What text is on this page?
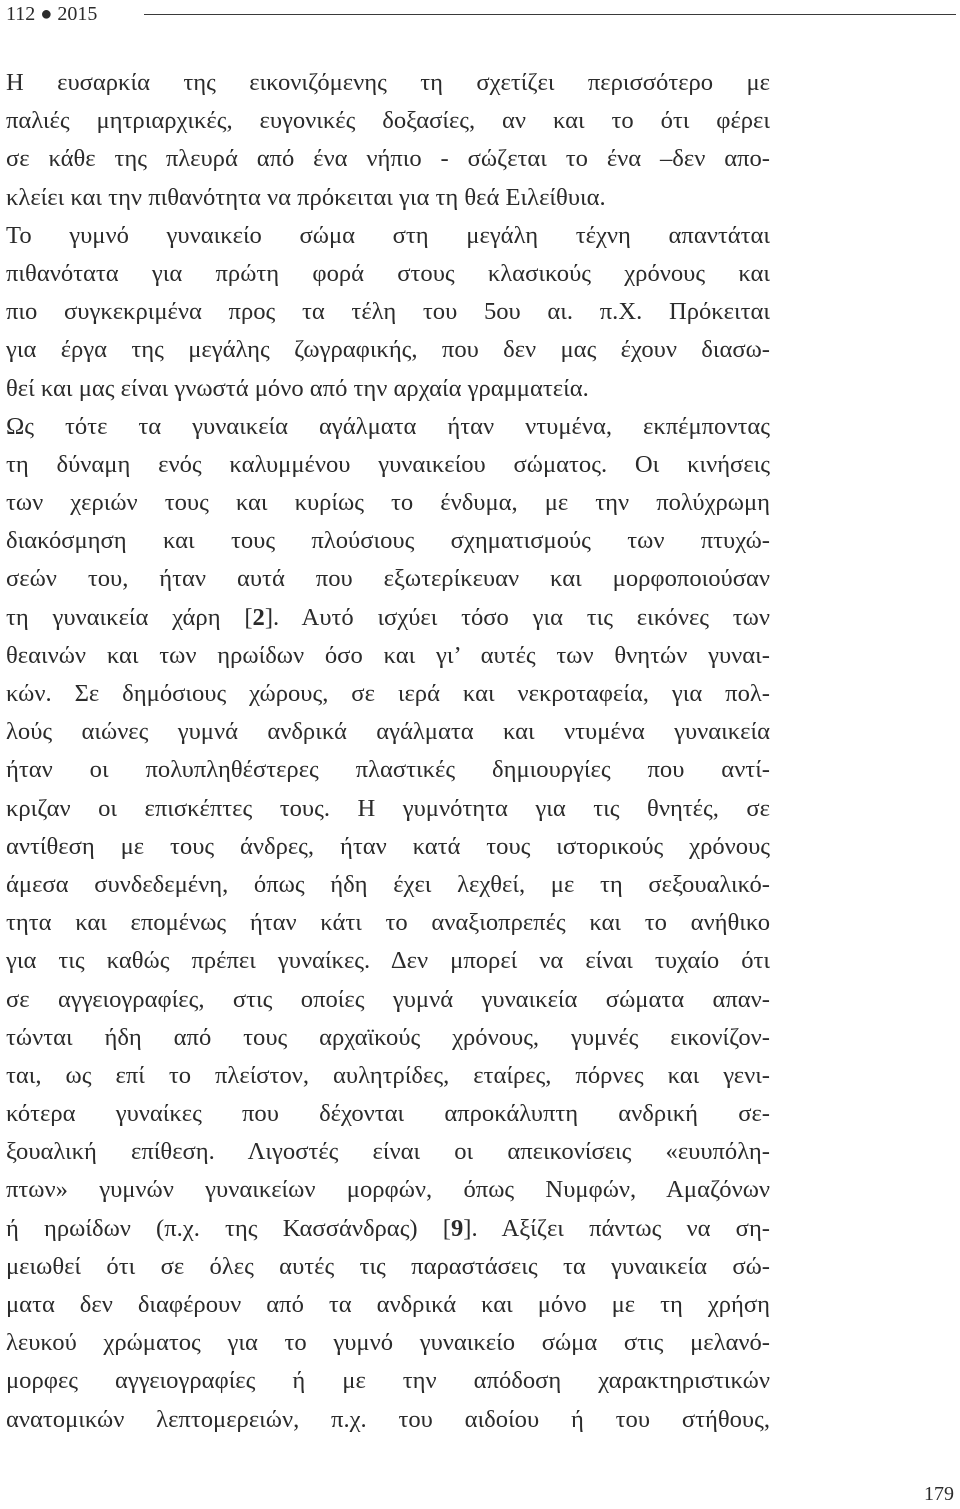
112 ● 2015
Η ευσαρκία της εικονιζόμενης τη σχετίζει περισσότερο με
παλιές μητριαρχικές, ευγονικές δοξασίες, αν και το ότι φέρει
σε κάθε της πλευρά από ένα νήπιο - σώζεται το ένα –δεν απο-
κλείει και την πιθανότητα να πρόκειται για τη θεά Ειλείθυια.
Το γυμνό γυναικείο σώμα στη μεγάλη τέχνη απαντάται
πιθανότατα για πρώτη φορά στους κλασικούς χρόνους και
πιο συγκεκριμένα προς τα τέλη του 5ου αι. π.Χ. Πρόκειται
για έργα της μεγάλης ζωγραφικής, που δεν μας έχουν διασω-
θεί και μας είναι γνωστά μόνο από την αρχαία γραμματεία.
Ως τότε τα γυναικεία αγάλματα ήταν ντυμένα, εκπέμποντας
τη δύναμη ενός καλυμμένου γυναικείου σώματος. Οι κινήσεις
των χεριών τους και κυρίως το ένδυμα, με την πολύχρωμη
διακόσμηση και τους πλούσιους σχηματισμούς των πτυχώ-
σεών του, ήταν αυτά που εξωτερίκευαν και μορφοποιούσαν
τη γυναικεία χάρη [2]. Αυτό ισχύει τόσο για τις εικόνες των
θεαινών και των ηρωίδων όσο και γι’ αυτές των θνητών γυναι-
κών. Σε δημόσιους χώρους, σε ιερά και νεκροταφεία, για πολ-
λούς αιώνες γυμνά ανδρικά αγάλματα και ντυμένα γυναικεία
ήταν οι πολυπληθέστερες πλαστικές δημιουργίες που αντί-
κριζαν οι επισκέπτες τους. Η γυμνότητα για τις θνητές, σε
αντίθεση με τους άνδρες, ήταν κατά τους ιστορικούς χρόνους
άμεσα συνδεδεμένη, όπως ήδη έχει λεχθεί, με τη σεξουαλικό-
τητα και επομένως ήταν κάτι το αναξιοπρεπές και το ανήθικο
για τις καθώς πρέπει γυναίκες. Δεν μπορεί να είναι τυχαίο ότι
σε αγγειογραφίες, στις οποίες γυμνά γυναικεία σώματα απαν-
τώνται ήδη από τους αρχαϊκούς χρόνους, γυμνές εικονίζον-
ται, ως επί το πλείστον, αυλητρίδες, εταίρες, πόρνες και γενι-
κότερα γυναίκες που δέχονται απροκάλυπτη ανδρική σε-
ξουαλική επίθεση. Λιγοστές είναι οι απεικονίσεις «ευυπόλη-
πτων» γυμνών γυναικείων μορφών, όπως Νυμφών, Αμαζόνων
ή ηρωίδων (π.χ. της Κασσάνδρας) [9]. Αξίζει πάντως να ση-
μειωθεί ότι σε όλες αυτές τις παραστάσεις τα γυναικεία σώ-
ματα δεν διαφέρουν από τα ανδρικά και μόνο με τη χρήση
λευκού χρώματος για το γυμνό γυναικείο σώμα στις μελανό-
μορφες αγγειογραφίες ή με την απόδοση χαρακτηριστικών
ανατομικών λεπτομερειών, π.χ. του αιδοίου ή του στήθους,
179
